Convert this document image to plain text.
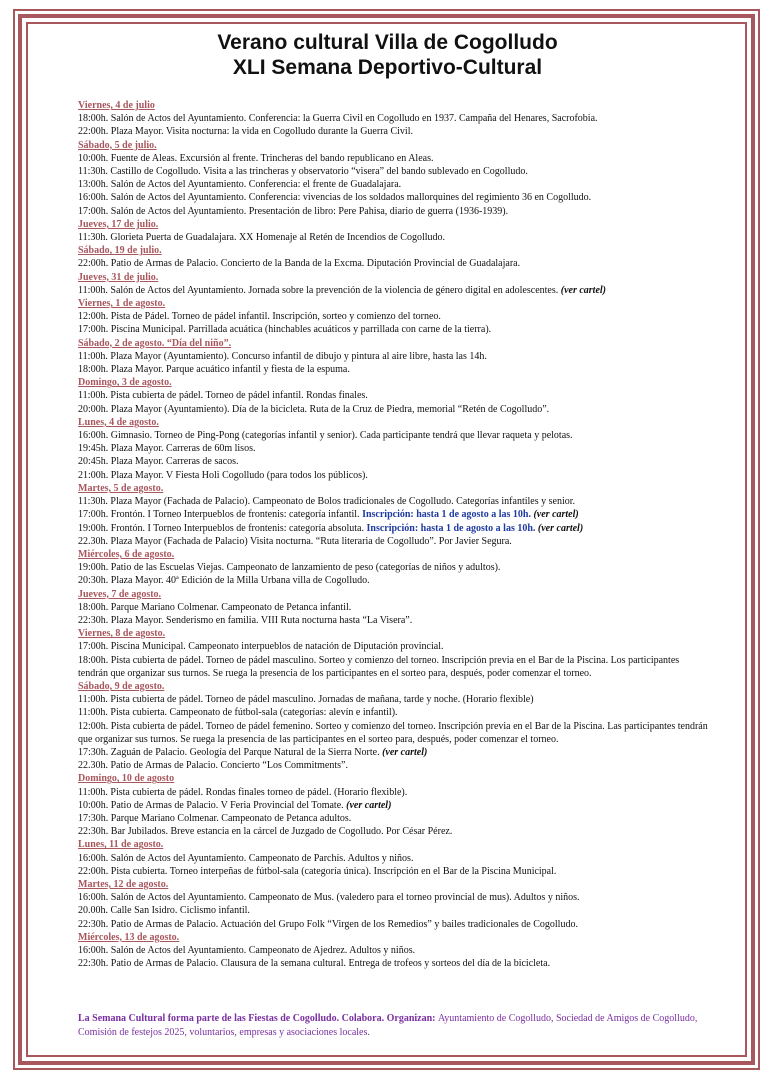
Verano cultural Villa de Cogolludo
XLI Semana Deportivo-Cultural
Viernes, 4 de julio
18:00h. Salón de Actos del Ayuntamiento. Conferencia: la Guerra Civil en Cogolludo en 1937. Campaña del Henares, Sacrofobia.
22:00h. Plaza Mayor. Visita nocturna: la vida en Cogolludo durante la Guerra Civil.
Sábado, 5 de julio.
10:00h. Fuente de Aleas. Excursión al frente. Trincheras del bando republicano en Aleas.
11:30h. Castillo de Cogolludo. Visita a las trincheras y observatorio “visera” del bando sublevado en Cogolludo.
13:00h. Salón de Actos del Ayuntamiento. Conferencia: el frente de Guadalajara.
16:00h. Salón de Actos del Ayuntamiento. Conferencia: vivencias de los soldados mallorquines del regimiento 36 en Cogolludo.
17:00h. Salón de Actos del Ayuntamiento. Presentación de libro: Pere Pahisa, diario de guerra (1936-1939).
Jueves, 17 de julio.
11:30h. Glorieta Puerta de Guadalajara. XX Homenaje al Retén de Incendios de Cogolludo.
Sábado, 19 de julio.
22:00h. Patio de Armas de Palacio. Concierto de la Banda de la Excma. Diputación Provincial de Guadalajara.
Jueves, 31 de julio.
11:00h. Salón de Actos del Ayuntamiento. Jornada sobre la prevención de la violencia de género digital en adolescentes. (ver cartel)
Viernes, 1 de agosto.
12:00h. Pista de Pádel. Torneo de pádel infantil. Inscripción, sorteo y comienzo del torneo.
17:00h. Piscina Municipal. Parrillada acuática (hinchables acuáticos y parrillada con carne de la tierra).
Sábado, 2 de agosto. “Día del niño”.
11:00h. Plaza Mayor (Ayuntamiento). Concurso infantil de dibujo y pintura al aire libre, hasta las 14h.
18:00h. Plaza Mayor. Parque acuático infantil y fiesta de la espuma.
Domingo, 3 de agosto.
11:00h. Pista cubierta de pádel. Torneo de pádel infantil. Rondas finales.
20:00h. Plaza Mayor (Ayuntamiento). Día de la bicicleta. Ruta de la Cruz de Piedra, memorial “Retén de Cogolludo”.
Lunes, 4 de agosto.
16:00h. Gimnasio. Torneo de Ping-Pong (categorías infantil y senior). Cada participante tendrá que llevar raqueta y pelotas.
19:45h. Plaza Mayor. Carreras de 60m lisos.
20:45h. Plaza Mayor. Carreras de sacos.
21:00h. Plaza Mayor. V Fiesta Holi Cogolludo (para todos los públicos).
Martes, 5 de agosto.
11:30h. Plaza Mayor (Fachada de Palacio). Campeonato de Bolos tradicionales de Cogolludo. Categorías infantiles y senior.
17:00h. Frontón. I Torneo Interpueblos de frontenis: categoría infantil. Inscripción: hasta 1 de agosto a las 10h. (ver cartel)
19:00h. Frontón. I Torneo Interpueblos de frontenis: categoría absoluta. Inscripción: hasta 1 de agosto a las 10h. (ver cartel)
22.30h. Plaza Mayor (Fachada de Palacio) Visita nocturna. “Ruta literaria de Cogolludo”. Por Javier Segura.
Miércoles, 6 de agosto.
19:00h. Patio de las Escuelas Viejas. Campeonato de lanzamiento de peso (categorías de niños y adultos).
20:30h. Plaza Mayor. 40ª Edición de la Milla Urbana villa de Cogolludo.
Jueves, 7 de agosto.
18:00h. Parque Mariano Colmenar. Campeonato de Petanca infantil.
22:30h. Plaza Mayor. Senderismo en familia. VIII Ruta nocturna hasta “La Visera”.
Viernes, 8 de agosto.
17:00h. Piscina Municipal. Campeonato interpueblos de natación de Diputación provincial.
18:00h. Pista cubierta de pádel. Torneo de pádel masculino. Sorteo y comienzo del torneo. Inscripción previa en el Bar de la Piscina. Los participantes tendrán que organizar sus turnos. Se ruega la presencia de los participantes en el sorteo para, después, poder comenzar el torneo.
Sábado, 9 de agosto.
11:00h. Pista cubierta de pádel. Torneo de pádel masculino. Jornadas de mañana, tarde y noche. (Horario flexible)
11:00h. Pista cubierta. Campeonato de fútbol-sala (categorías: alevín e infantil).
12:00h. Pista cubierta de pádel. Torneo de pádel femenino. Sorteo y comienzo del torneo. Inscripción previa en el Bar de la Piscina. Las participantes tendrán que organizar sus turnos. Se ruega la presencia de las participantes en el sorteo para, después, poder comenzar el torneo.
17:30h. Zaguán de Palacio. Geología del Parque Natural de la Sierra Norte. (ver cartel)
22.30h. Patio de Armas de Palacio. Concierto “Los Commitments”.
Domingo, 10 de agosto
11:00h. Pista cubierta de pádel. Rondas finales torneo de pádel. (Horario flexible).
10:00h. Patio de Armas de Palacio. V Feria Provincial del Tomate. (ver cartel)
17:30h. Parque Mariano Colmenar. Campeonato de Petanca adultos.
22:30h. Bar Jubilados. Breve estancia en la cárcel de Juzgado de Cogolludo. Por César Pérez.
Lunes, 11 de agosto.
16:00h. Salón de Actos del Ayuntamiento. Campeonato de Parchís. Adultos y niños.
22:00h. Pista cubierta. Torneo interpeñas de fútbol-sala (categoría única). Inscripción en el Bar de la Piscina Municipal.
Martes, 12 de agosto.
16:00h. Salón de Actos del Ayuntamiento. Campeonato de Mus. (valedero para el torneo provincial de mus). Adultos y niños.
20.00h. Calle San Isidro. Ciclismo infantil.
22:30h. Patio de Armas de Palacio. Actuación del Grupo Folk “Virgen de los Remedios” y bailes tradicionales de Cogolludo.
Miércoles, 13 de agosto.
16:00h. Salón de Actos del Ayuntamiento. Campeonato de Ajedrez. Adultos y niños.
22:30h. Patio de Armas de Palacio. Clausura de la semana cultural. Entrega de trofeos y sorteos del día de la bicicleta.
La Semana Cultural forma parte de las Fiestas de Cogolludo. Colabora. Organizan: Ayuntamiento de Cogolludo, Sociedad de Amigos de Cogolludo, Comisión de festejos 2025, voluntarios, empresas y asociaciones locales.
